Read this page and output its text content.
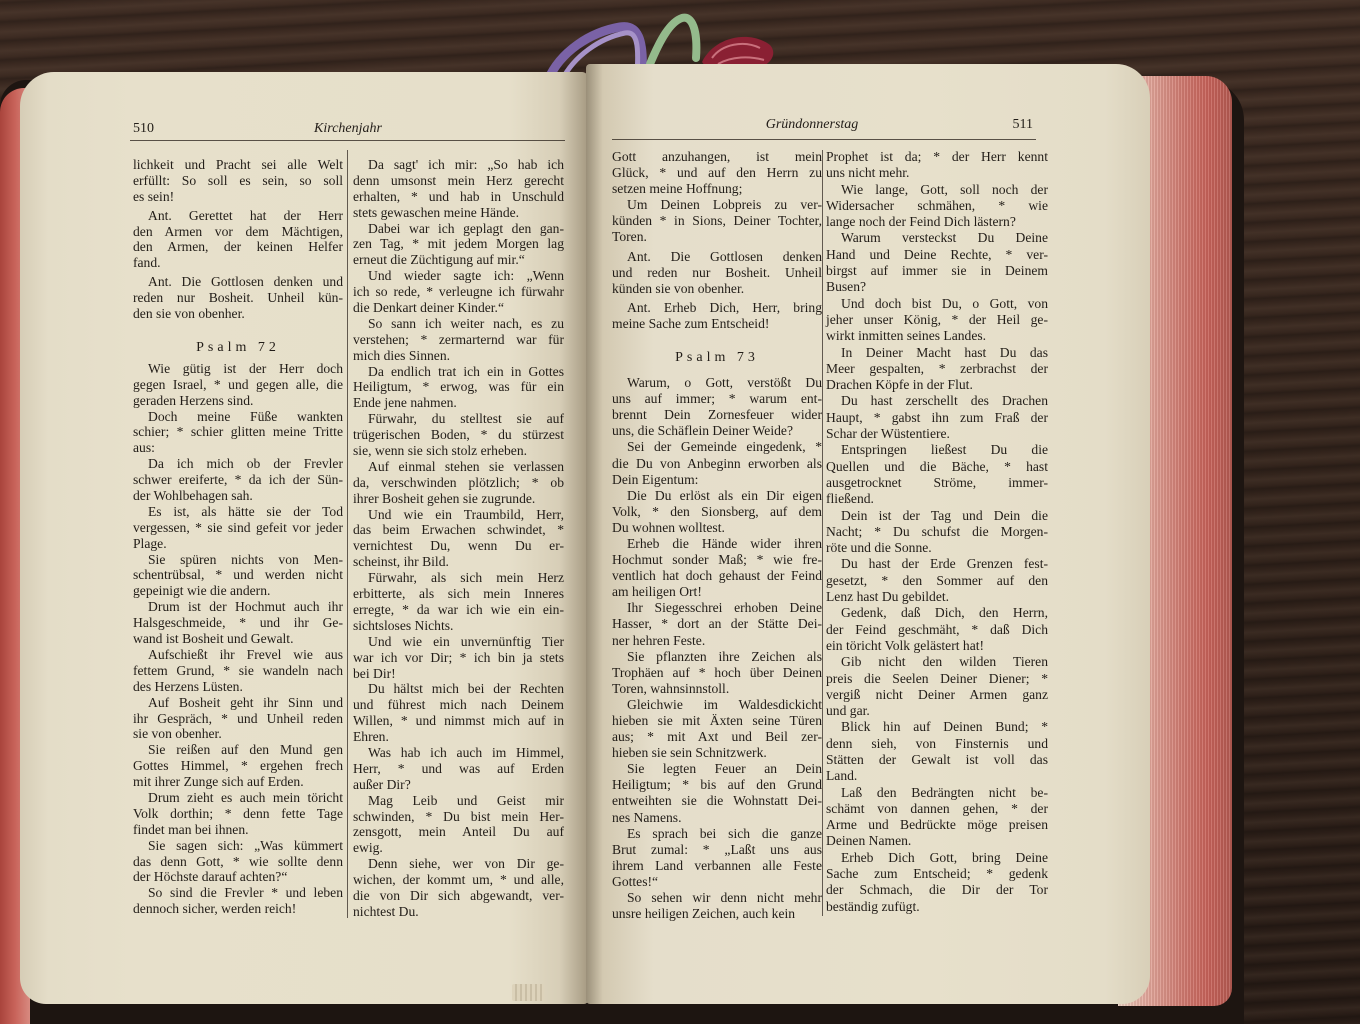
510	Kirchenjahr
lichkeit und Pracht sei alle Welt
erfüllt: So soll es sein, so soll
es sein!
Ant. Gerettet hat der Herr
den Armen vor dem Mächtigen,
den Armen, der keinen Helfer
fand.
Ant. Die Gottlosen denken und
reden nur Bosheit. Unheil kün-
den sie von obenher.
Psalm 72
Wie gütig ist der Herr doch
gegen Israel, * und gegen alle, die
geraden Herzens sind.
Doch meine Füße wankten
schier; * schier glitten meine Tritte
aus:
Da ich mich ob der Frevler
schwer ereiferte, * da ich der Sün-
der Wohlbehagen sah.
Es ist, als hätte sie der Tod
vergessen, * sie sind gefeit vor jeder
Plage.
Sie spüren nichts von Men-
schentrübsal, * und werden nicht
gepeinigt wie die andern.
Drum ist der Hochmut auch ihr
Halsgeschmeide, * und ihr Ge-
wand ist Bosheit und Gewalt.
Aufschießt ihr Frevel wie aus
fettem Grund, * sie wandeln nach
des Herzens Lüsten.
Auf Bosheit geht ihr Sinn und
ihr Gespräch, * und Unheil reden
sie von obenher.
Sie reißen auf den Mund gen
Gottes Himmel, * ergehen frech
mit ihrer Zunge sich auf Erden.
Drum zieht es auch mein töricht
Volk dorthin; * denn fette Tage
findet man bei ihnen.
Sie sagen sich: „Was kümmert
das denn Gott, * wie sollte denn
der Höchste darauf achten?“
So sind die Frevler * und leben
dennoch sicher, werden reich!
Da sagt' ich mir: „So hab ich
denn umsonst mein Herz gerecht
erhalten, * und hab in Unschuld
stets gewaschen meine Hände.
Dabei war ich geplagt den gan-
zen Tag, * mit jedem Morgen lag
erneut die Züchtigung auf mir.“
Und wieder sagte ich: „Wenn
ich so rede, * verleugne ich fürwahr
die Denkart deiner Kinder.“
So sann ich weiter nach, es zu
verstehen; * zermarternd war für
mich dies Sinnen.
Da endlich trat ich ein in Gottes
Heiligtum, * erwog, was für ein
Ende jene nahmen.
Fürwahr, du stelltest sie auf
trügerischen Boden, * du stürzest
sie, wenn sie sich stolz erheben.
Auf einmal stehen sie verlassen
da, verschwinden plötzlich; * ob
ihrer Bosheit gehen sie zugrunde.
Und wie ein Traumbild, Herr,
das beim Erwachen schwindet, *
vernichtest Du, wenn Du er-
scheinst, ihr Bild.
Fürwahr, als sich mein Herz
erbitterte, als sich mein Inneres
erregte, * da war ich wie ein ein-
sichtsloses Nichts.
Und wie ein unvernünftig Tier
war ich vor Dir; * ich bin ja stets
bei Dir!
Du hältst mich bei der Rechten
und führest mich nach Deinem
Willen, * und nimmst mich auf in
Ehren.
Was hab ich auch im Himmel,
Herr, * und was auf Erden
außer Dir?
Mag Leib und Geist mir
schwinden, * Du bist mein Her-
zensgott, mein Anteil Du auf
ewig.
Denn siehe, wer von Dir ge-
wichen, der kommt um, * und alle,
die von Dir sich abgewandt, ver-
nichtest Du.
Gründonnerstag	511
Gott anzuhangen, ist mein
Glück, * und auf den Herrn zu
setzen meine Hoffnung;
Um Deinen Lobpreis zu ver-
künden * in Sions, Deiner Tochter,
Toren.
Ant. Die Gottlosen denken
und reden nur Bosheit. Unheil
künden sie von obenher.
Ant. Erheb Dich, Herr, bring
meine Sache zum Entscheid!
Psalm 73
Warum, o Gott, verstößt Du
uns auf immer; * warum ent-
brennt Dein Zornesfeuer wider
uns, die Schäflein Deiner Weide?
Sei der Gemeinde eingedenk, *
die Du von Anbeginn erworben als
Dein Eigentum:
Die Du erlöst als ein Dir eigen
Volk, * den Sionsberg, auf dem
Du wohnen wolltest.
Erheb die Hände wider ihren
Hochmut sonder Maß; * wie fre-
ventlich hat doch gehaust der Feind
am heiligen Ort!
Ihr Siegesschrei erhoben Deine
Hasser, * dort an der Stätte Dei-
ner hehren Feste.
Sie pflanzten ihre Zeichen als
Trophäen auf * hoch über Deinen
Toren, wahnsinnstoll.
Gleichwie im Waldesdickicht
hieben sie mit Äxten seine Türen
aus; * mit Axt und Beil zer-
hieben sie sein Schnitzwerk.
Sie legten Feuer an Dein
Heiligtum; * bis auf den Grund
entweihten sie die Wohnstatt Dei-
nes Namens.
Es sprach bei sich die ganze
Brut zumal: * „Laßt uns aus
ihrem Land verbannen alle Feste
Gottes!“
So sehen wir denn nicht mehr
unsre heiligen Zeichen, auch kein
Prophet ist da; * der Herr kennt
uns nicht mehr.
Wie lange, Gott, soll noch der
Widersacher schmähen, * wie
lange noch der Feind Dich lästern?
Warum versteckst Du Deine
Hand und Deine Rechte, * ver-
birgst auf immer sie in Deinem
Busen?
Und doch bist Du, o Gott, von
jeher unser König, * der Heil ge-
wirkt inmitten seines Landes.
In Deiner Macht hast Du das
Meer gespalten, * zerbrachst der
Drachen Köpfe in der Flut.
Du hast zerschellt des Drachen
Haupt, * gabst ihn zum Fraß der
Schar der Wüstentiere.
Entspringen ließest Du die
Quellen und die Bäche, * hast
ausgetrocknet Ströme, immer-
fließend.
Dein ist der Tag und Dein die
Nacht; * Du schufst die Morgen-
röte und die Sonne.
Du hast der Erde Grenzen fest-
gesetzt, * den Sommer auf den
Lenz hast Du gebildet.
Gedenk, daß Dich, den Herrn,
der Feind geschmäht, * daß Dich
ein töricht Volk gelästert hat!
Gib nicht den wilden Tieren
preis die Seelen Deiner Diener; *
vergiß nicht Deiner Armen ganz
und gar.
Blick hin auf Deinen Bund; *
denn sieh, von Finsternis und
Stätten der Gewalt ist voll das
Land.
Laß den Bedrängten nicht be-
schämt von dannen gehen, * der
Arme und Bedrückte möge preisen
Deinen Namen.
Erheb Dich Gott, bring Deine
Sache zum Entscheid; * gedenk
der Schmach, die Dir der Tor
beständig zufügt.
